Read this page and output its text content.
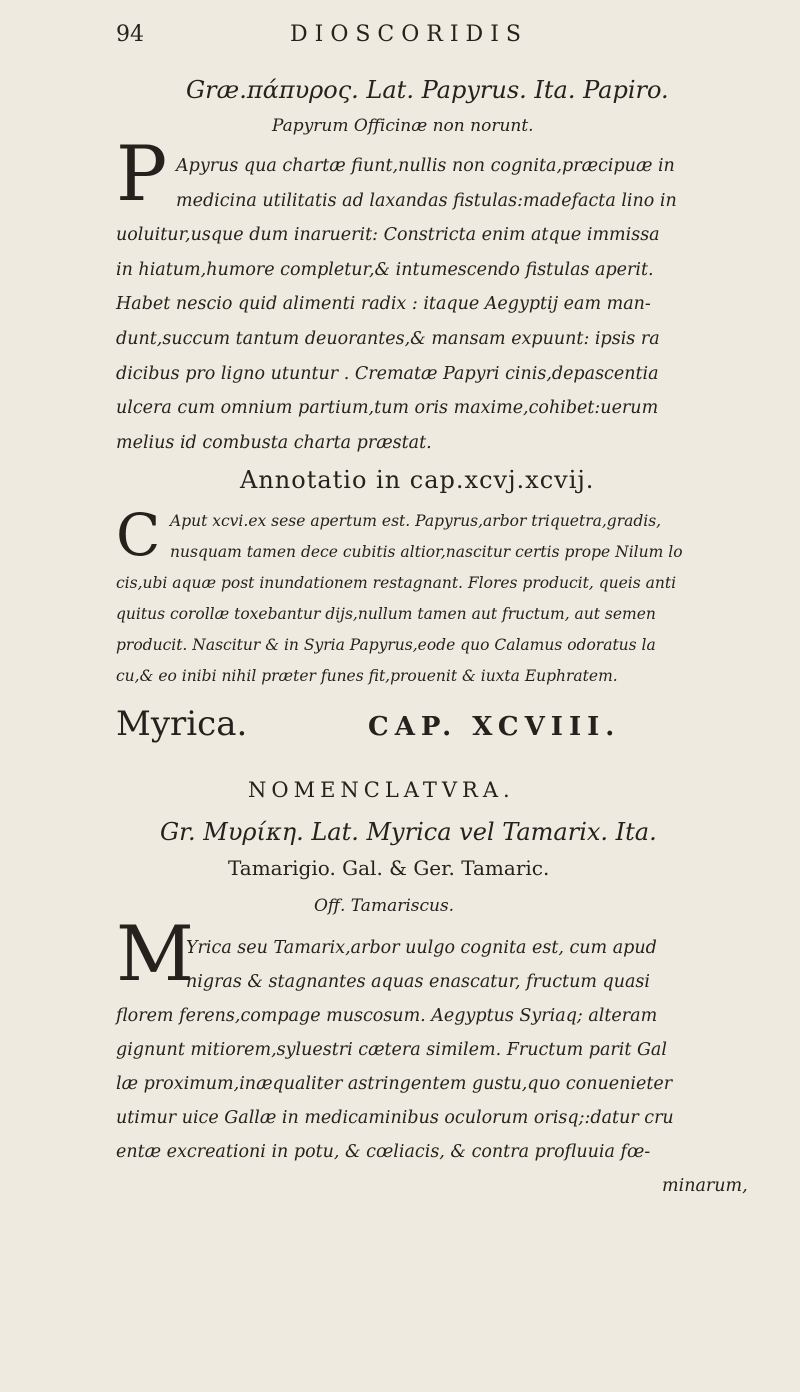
94	DIOSCORIDIS
Græ.πάπυρος. Lat. Papyrus. Ita. Papiro.
Papyrum Officinæ non norunt.
P Apyrus qua chartæ fiunt,nullis non cognita,præcipuæ in
medicina utilitatis ad laxandas fistulas:madefacta lino in
uoluitur,usque dum inaruerit: Constricta enim atque immissa
in hiatum,humore completur,& intumescendo fistulas aperit.
Habet nescio quid alimenti radix : itaque Aegyptij eam man-
dunt,succum tantum deuorantes,& mansam expuunt: ipsis ra
dicibus pro ligno utuntur . Crematæ Papyri cinis,depascentia
ulcera cum omnium partium,tum oris maxime,cohibet:uerum
melius id combusta charta præstat.
Annotatio in cap.xcvj.xcvij.
C Aput xcvi.ex sese apertum est. Papyrus,arbor triquetra,gradis,
nusquam tamen dece cubitis altior,nascitur certis prope Nilum lo
cis,ubi aquæ post inundationem restagnant. Flores producit, queis anti
quitus corollæ toxebantur dijs,nullum tamen aut fructum, aut semen
producit. Nascitur & in Syria Papyrus,eode quo Calamus odoratus la
cu,& eo inibi nihil præter funes fit,prouenit & iuxta Euphratem.
Myrica.	CAP. XCVIII.
NOMENCLATVRA.
Gr. Μυρίκη. Lat. Myrica vel Tamarix. Ita.
Tamarigio. Gal. & Ger. Tamaric.
Off. Tamariscus.
M
Yrica seu Tamarix,arbor uulgo cognita est, cum apud
nigras & stagnantes aquas enascatur, fructum quasi
florem ferens,compage muscosum. Aegyptus Syriaq; alteram
gignunt mitiorem,syluestri cætera similem. Fructum parit Gal
læ proximum,inæqualiter astringentem gustu,quo conuenieter
utimur uice Gallæ in medicaminibus oculorum orisq;:datur cru
entæ excreationi in potu, & cœliacis, & contra profluuia fœ-
minarum,
